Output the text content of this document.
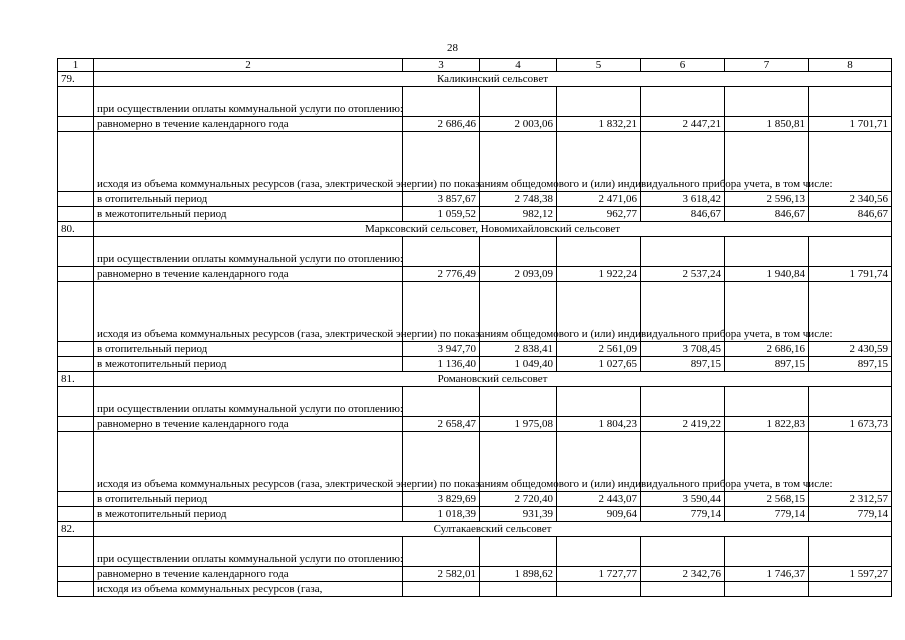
28
1	2	3	4	5	6	7	8
79.	Каликинский сельсовет						
	при осуществлении оплаты коммунальной услуги по отоплению:						
	равномерно в течение календарного года	2 686,46	2 003,06	1 832,21	2 447,21	1 850,81	1 701,71
	исходя из объема коммунальных ресурсов (газа, электрической энергии) по показаниям общедомового и (или) индивидуального прибора учета, в том числе:						
	в отопительный период	3 857,67	2 748,38	2 471,06	3 618,42	2 596,13	2 340,56
	в межотопительный период	1 059,52	982,12	962,77	846,67	846,67	846,67
80.	Марксовский сельсовет, Новомихайловский сельсовет						
	при осуществлении оплаты коммунальной услуги по отоплению:						
	равномерно в течение календарного года	2 776,49	2 093,09	1 922,24	2 537,24	1 940,84	1 791,74
	исходя из объема коммунальных ресурсов (газа, электрической энергии) по показаниям общедомового и (или) индивидуального прибора учета, в том числе:						
	в отопительный период	3 947,70	2 838,41	2 561,09	3 708,45	2 686,16	2 430,59
	в межотопительный период	1 136,40	1 049,40	1 027,65	897,15	897,15	897,15
81.	Романовский сельсовет						
	при осуществлении оплаты коммунальной услуги по отоплению:						
	равномерно в течение календарного года	2 658,47	1 975,08	1 804,23	2 419,22	1 822,83	1 673,73
	исходя из объема коммунальных ресурсов (газа, электрической энергии) по показаниям общедомового и (или) индивидуального прибора учета, в том числе:						
	в отопительный период	3 829,69	2 720,40	2 443,07	3 590,44	2 568,15	2 312,57
	в межотопительный период	1 018,39	931,39	909,64	779,14	779,14	779,14
82.	Султакаевский сельсовет						
	при осуществлении оплаты коммунальной услуги по отоплению:						
	равномерно в течение календарного года	2 582,01	1 898,62	1 727,77	2 342,76	1 746,37	1 597,27
	исходя из объема коммунальных ресурсов (газа,						
